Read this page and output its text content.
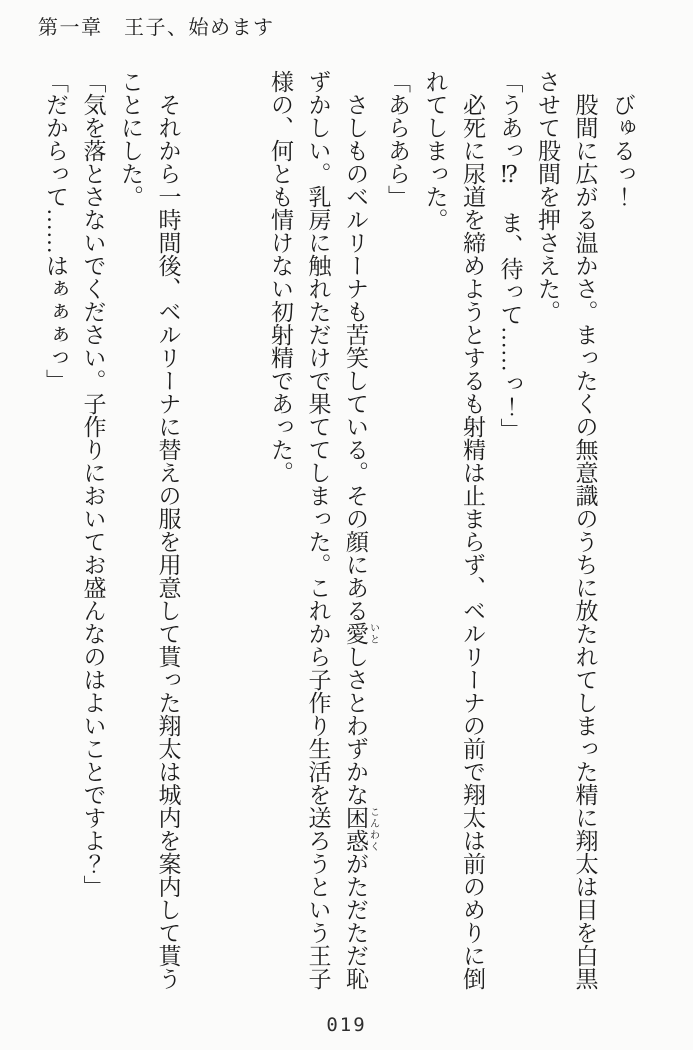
第一章　王子、始めます

びゅるっ！

股間に広がる温かさ。まったくの無意識のうちに放たれてしまった精に翔太は目を白黒させて股間を押さえた。

「うあっ⁉　ま、待って……っ！」

必死に尿道を締めようとするも射精は止まらず、ベルリーナの前で翔太は前のめりに倒れてしまった。

「あらあら」

さしものベルリーナも苦笑している。その顔にある愛 いとしさとわずかな困惑 こんわくがただただ恥ずかしい。乳房に触れただけで果ててしまった。これから子作り生活を送ろうという王子様の、何とも情けない初射精であった。

それから一時間後、ベルリーナに替えの服を用意して貰った翔太は城内を案内して貰うことにした。

「気を落とさないでください。子作りにおいてお盛んなのはよいことですよ？」

「だからって……はぁぁぁっ」

019
